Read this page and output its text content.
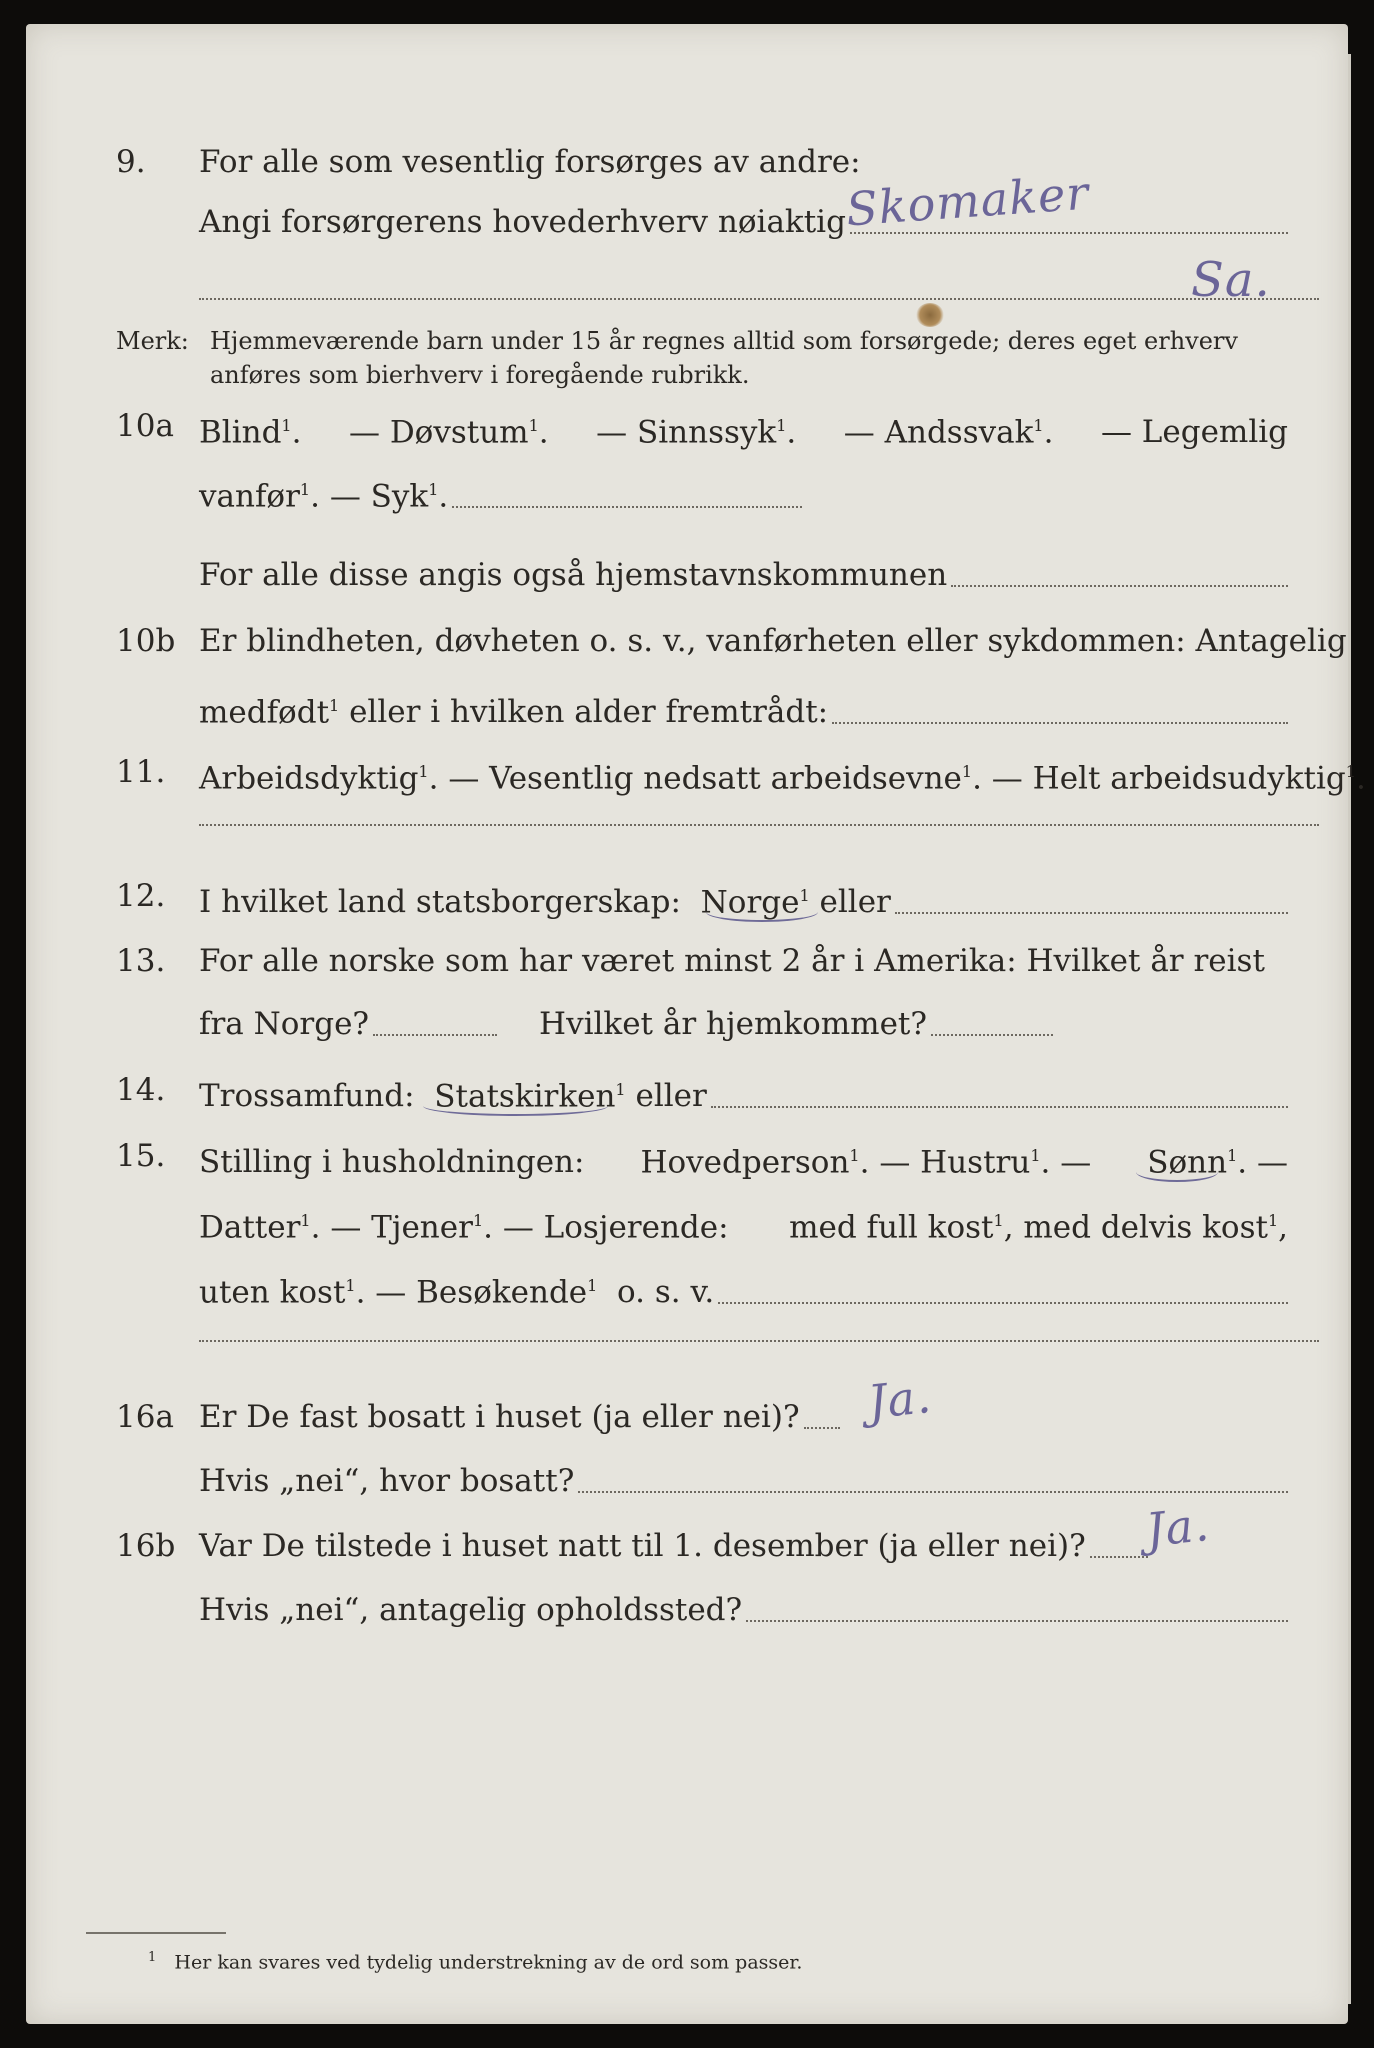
9.	For alle som vesentlig forsørges av andre:
Angi forsørgerens hovederhverv nøiaktig
Skomaker
Sa.
Merk: Hjemmeværende barn under 15 år regnes alltid som forsørgede; deres eget erhverv
anføres som bierhverv i foregående rubrikk.
10a Blind$^1$. — Døvstum$^1$. — Sinnssyk$^1$. — Andssvak$^1$. — Legemlig
vanfør$^1$. — Syk$^1$.
For alle disse angis også hjemstavnskommunen
10b Er blindheten, døvheten o. s. v., vanførheten eller sykdommen: Antagelig
medfødt$^1$ eller i hvilken alder fremtrådt:
11.	Arbeidsdyktig$^1$ . — Vesentlig nedsatt arbeidsevne$^1$ . — Helt arbeidsudyktig$^1$.
12.	I hvilket land statsborgerskap:
Norge$^1$
eller
13.	For alle norske som har været minst 2 år i Amerika: Hvilket år reist
fra Norge?	Hvilket år hjemkommet?
14.	Trossamfund:
Statskirken$^1$
eller
15.	Stilling i husholdningen: Hovedperson$^1$. — Hustru$^1$. — Sønn$^1$. —
Datter$^1$. — Tjener$^1$. — Losjerende: med full kost$^1$, med delvis kost$^1$,
uten kost$^1$. — Besøkende$^1$ o. s. v.
16a Er De fast bosatt i huset (ja eller nei)? Ja.
Hvis „nei“, hvor bosatt?
16b Var De tilstede i huset natt til 1. desember (ja eller nei)? Ja.
Hvis „nei“, antagelig opholdssted?
$^1$ Her kan svares ved tydelig understrekning av de ord som passer.
